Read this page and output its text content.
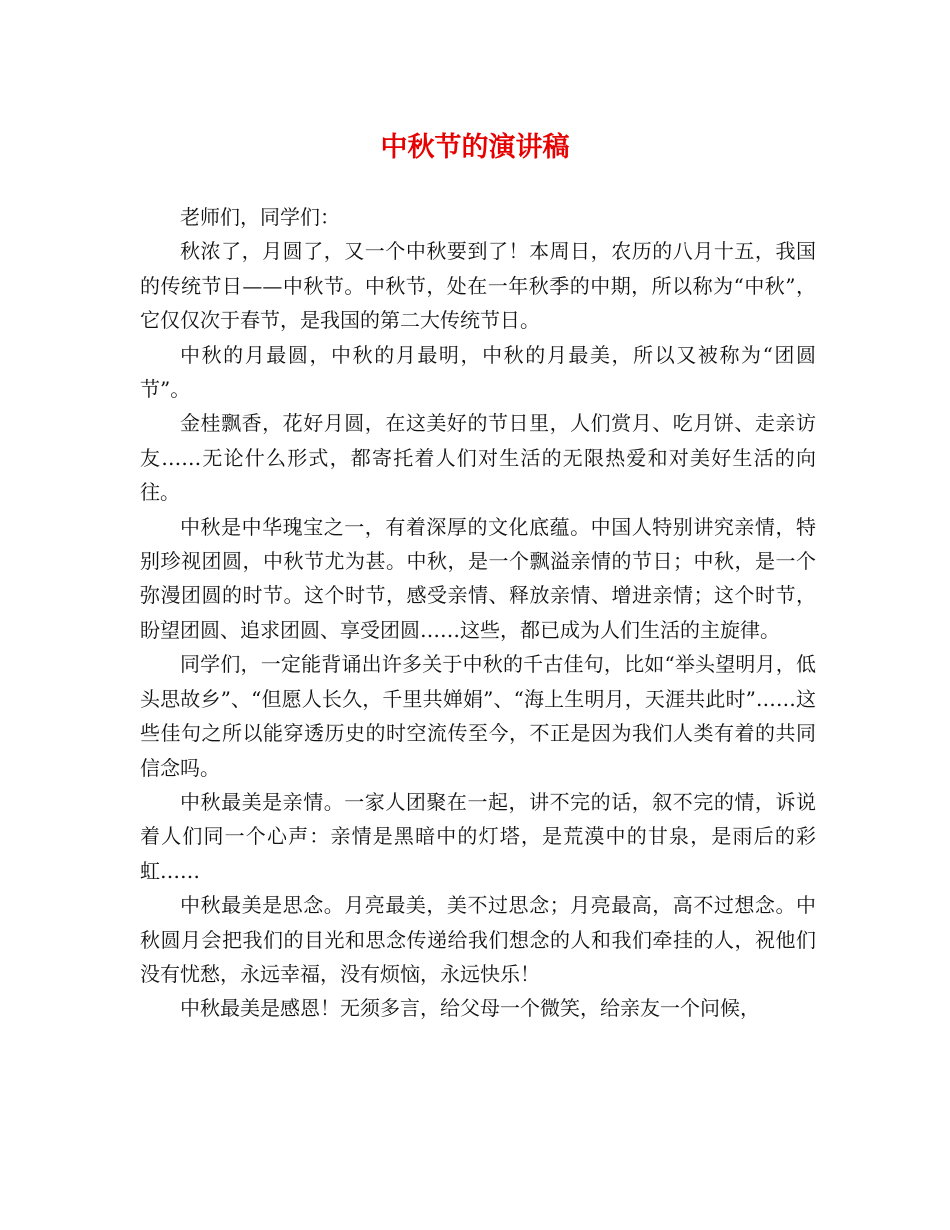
中秋节的演讲稿

老师们，同学们：

秋浓了，月圆了，又一个中秋要到了！本周日，农历的八月十五，我国的传统节日——中秋节。中秋节，处在一年秋季的中期，所以称为“中秋”，它仅仅次于春节，是我国的第二大传统节日。

中秋的月最圆，中秋的月最明，中秋的月最美，所以又被称为“团圆节”。

金桂飘香，花好月圆，在这美好的节日里，人们赏月、吃月饼、走亲访友……无论什么形式，都寄托着人们对生活的无限热爱和对美好生活的向往。

中秋是中华瑰宝之一，有着深厚的文化底蕴。中国人特别讲究亲情，特别珍视团圆，中秋节尤为甚。中秋，是一个飘溢亲情的节日；中秋，是一个弥漫团圆的时节。这个时节，感受亲情、释放亲情、增进亲情；这个时节，盼望团圆、追求团圆、享受团圆……这些，都已成为人们生活的主旋律。

同学们，一定能背诵出许多关于中秋的千古佳句，比如“举头望明月，低头思故乡”、“但愿人长久，千里共婵娟”、“海上生明月，天涯共此时”……这些佳句之所以能穿透历史的时空流传至今，不正是因为我们人类有着的共同信念吗。

中秋最美是亲情。一家人团聚在一起，讲不完的话，叙不完的情，诉说着人们同一个心声：亲情是黑暗中的灯塔，是荒漠中的甘泉，是雨后的彩虹……

中秋最美是思念。月亮最美，美不过思念；月亮最高，高不过想念。中秋圆月会把我们的目光和思念传递给我们想念的人和我们牵挂的人，祝他们没有忧愁，永远幸福，没有烦恼，永远快乐！

中秋最美是感恩！无须多言，给父母一个微笑，给亲友一个问候，
